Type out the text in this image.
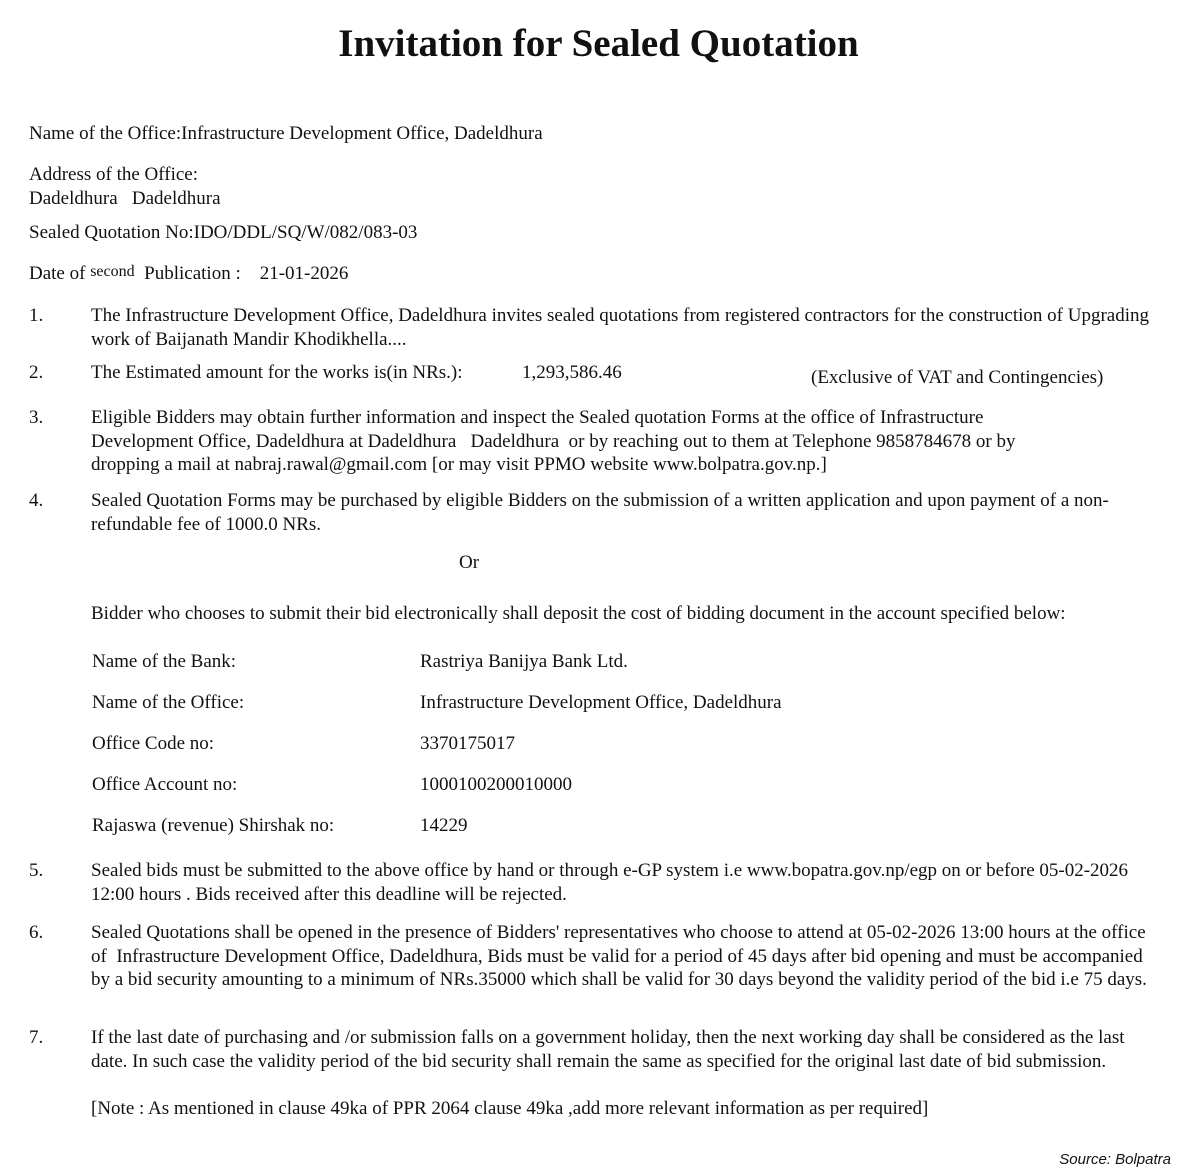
Invitation for Sealed Quotation
Name of the Office:Infrastructure Development Office, Dadeldhura
Address of the Office:
Dadeldhura   Dadeldhura
Sealed Quotation No:IDO/DDL/SQ/W/082/083-03
Date of second Publication : 21-01-2026
1.	The Infrastructure Development Office, Dadeldhura invites sealed quotations from registered contractors for the construction of Upgrading work of Baijanath Mandir Khodikhella....
2.	The Estimated amount for the works is(in NRs.):	1,293,586.46	(Exclusive of VAT and Contingencies)
3.	Eligible Bidders may obtain further information and inspect the Sealed quotation Forms at the office of Infrastructure Development Office, Dadeldhura at Dadeldhura   Dadeldhura  or by reaching out to them at Telephone 9858784678 or by dropping a mail at nabraj.rawal@gmail.com [or may visit PPMO website www.bolpatra.gov.np.]
4.	Sealed Quotation Forms may be purchased by eligible Bidders on the submission of a written application and upon payment of a non-refundable fee of 1000.0 NRs.
Or
Bidder who chooses to submit their bid electronically shall deposit the cost of bidding document in the account specified below:
Name of the Bank:	Rastriya Banijya Bank Ltd.
Name of the Office:	Infrastructure Development Office, Dadeldhura
Office Code no:	3370175017
Office Account no:	1000100200010000
Rajaswa (revenue) Shirshak no:	14229
5.	Sealed bids must be submitted to the above office by hand or through e-GP system i.e www.bopatra.gov.np/egp on or before 05-02-2026 12:00 hours . Bids received after this deadline will be rejected.
6.	Sealed Quotations shall be opened in the presence of Bidders' representatives who choose to attend at 05-02-2026 13:00 hours at the office of  Infrastructure Development Office, Dadeldhura, Bids must be valid for a period of 45 days after bid opening and must be accompanied by a bid security amounting to a minimum of NRs.35000 which shall be valid for 30 days beyond the validity period of the bid i.e 75 days.
7.	If the last date of purchasing and /or submission falls on a government holiday, then the next working day shall be considered as the last date. In such case the validity period of the bid security shall remain the same as specified for the original last date of bid submission.
[Note : As mentioned in clause 49ka of PPR 2064 clause 49ka ,add more relevant information as per required]
Source: Bolpatra
